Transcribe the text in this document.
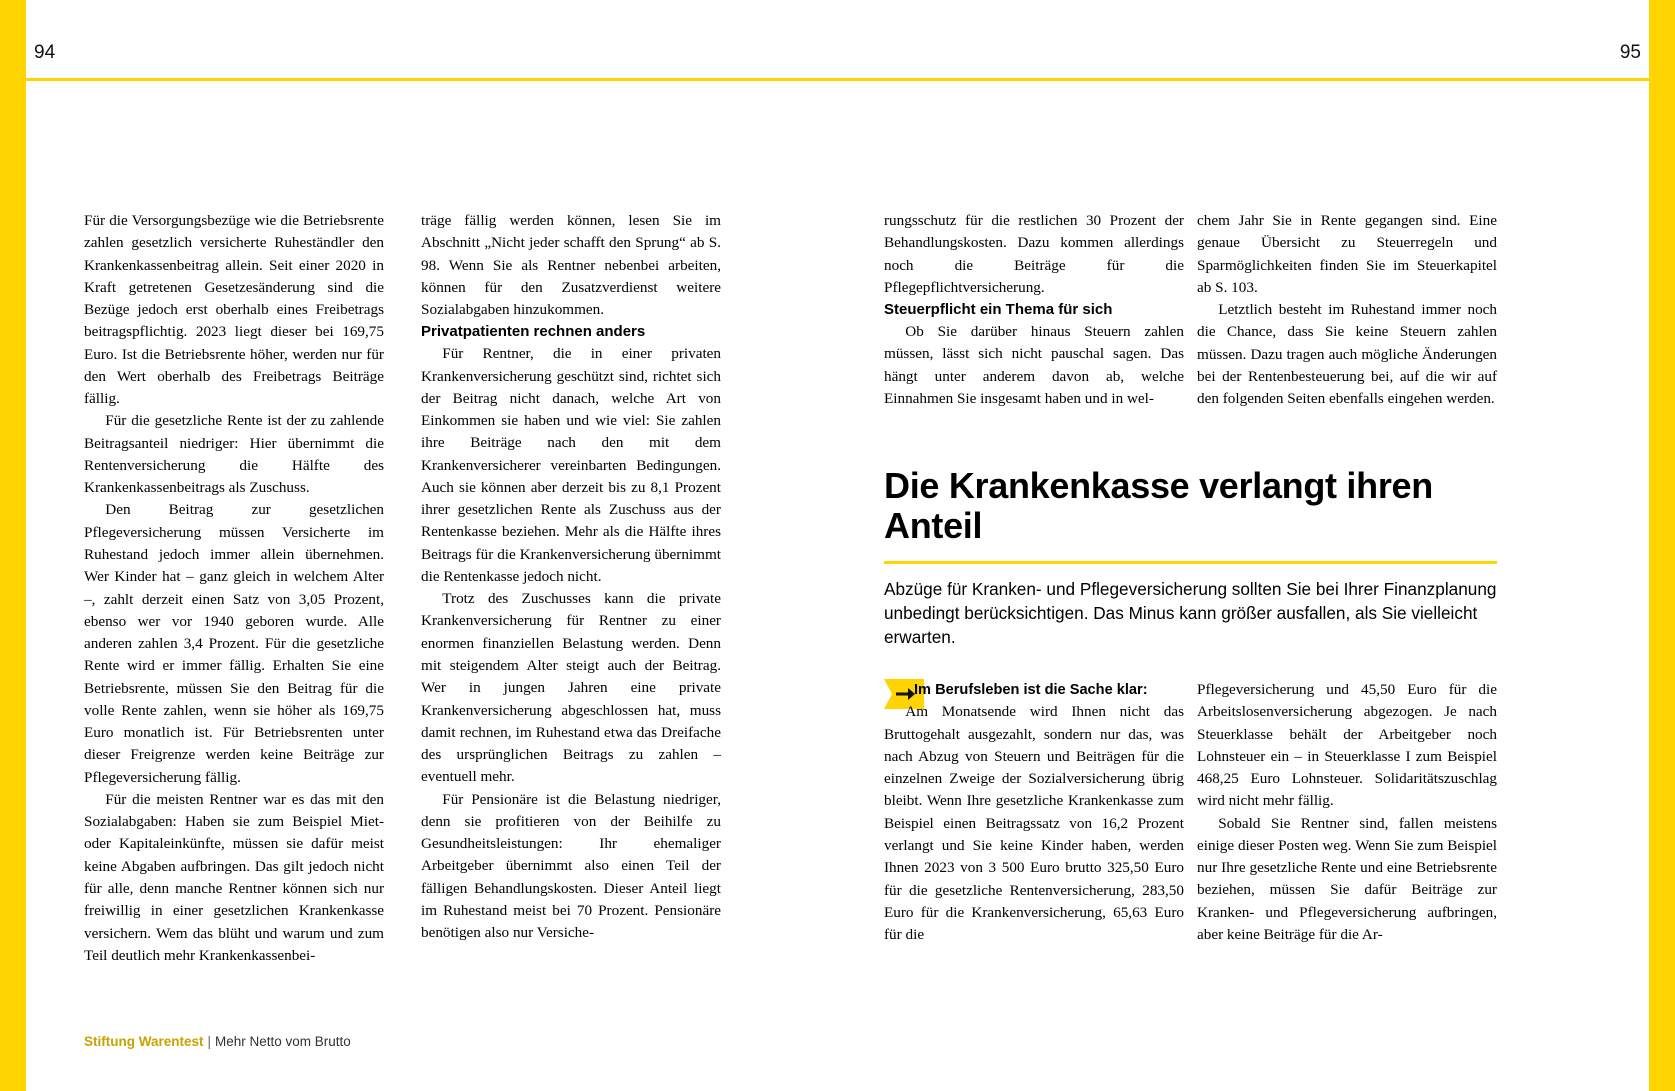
94	95

Für die Versorgungsbezüge wie die Betriebsrente zahlen gesetzlich versicherte Ruheständler den Krankenkassenbeitrag allein. Seit einer 2020 in Kraft getretenen Gesetzesänderung sind die Bezüge jedoch erst oberhalb eines Freibetrags beitragspflichtig. 2023 liegt dieser bei 169,75 Euro. Ist die Betriebsrente höher, werden nur für den Wert oberhalb des Freibetrags Beiträge fällig.

Für die gesetzliche Rente ist der zu zahlende Beitragsanteil niedriger: Hier übernimmt die Rentenversicherung die Hälfte des Krankenkassenbeitrags als Zuschuss.

Den Beitrag zur gesetzlichen Pflegeversicherung müssen Versicherte im Ruhestand jedoch immer allein übernehmen. Wer Kinder hat – ganz gleich in welchem Alter –, zahlt derzeit einen Satz von 3,05 Prozent, ebenso wer vor 1940 geboren wurde. Alle anderen zahlen 3,4 Prozent. Für die gesetzliche Rente wird er immer fällig. Erhalten Sie eine Betriebsrente, müssen Sie den Beitrag für die volle Rente zahlen, wenn sie höher als 169,75 Euro monatlich ist. Für Betriebsrenten unter dieser Freigrenze werden keine Beiträge zur Pflegeversicherung fällig.

Für die meisten Rentner war es das mit den Sozialabgaben: Haben sie zum Beispiel Miet- oder Kapitaleinkünfte, müssen sie dafür meist keine Abgaben aufbringen. Das gilt jedoch nicht für alle, denn manche Rentner können sich nur freiwillig in einer gesetzlichen Krankenkasse versichern. Wem das blüht und warum und zum Teil deutlich mehr Krankenkassenbei-

träge fällig werden können, lesen Sie im Abschnitt „Nicht jeder schafft den Sprung“ ab S. 98. Wenn Sie als Rentner nebenbei arbeiten, können für den Zusatzverdienst weitere Sozialabgaben hinzukommen.

Privatpatienten rechnen anders

Für Rentner, die in einer privaten Krankenversicherung geschützt sind, richtet sich der Beitrag nicht danach, welche Art von Einkommen sie haben und wie viel: Sie zahlen ihre Beiträge nach den mit dem Krankenversicherer vereinbarten Bedingungen. Auch sie können aber derzeit bis zu 8,1 Prozent ihrer gesetzlichen Rente als Zuschuss aus der Rentenkasse beziehen. Mehr als die Hälfte ihres Beitrags für die Krankenversicherung übernimmt die Rentenkasse jedoch nicht.

Trotz des Zuschusses kann die private Krankenversicherung für Rentner zu einer enormen finanziellen Belastung werden. Denn mit steigendem Alter steigt auch der Beitrag. Wer in jungen Jahren eine private Krankenversicherung abgeschlossen hat, muss damit rechnen, im Ruhestand etwa das Dreifache des ursprünglichen Beitrags zu zahlen – eventuell mehr.

Für Pensionäre ist die Belastung niedriger, denn sie profitieren von der Beihilfe zu Gesundheitsleistungen: Ihr ehemaliger Arbeitgeber übernimmt also einen Teil der fälligen Behandlungskosten. Dieser Anteil liegt im Ruhestand meist bei 70 Prozent. Pensionäre benötigen also nur Versiche-

rungsschutz für die restlichen 30 Prozent der Behandlungskosten. Dazu kommen allerdings noch die Beiträge für die Pflegepflichtversicherung.

Steuerpflicht ein Thema für sich

Ob Sie darüber hinaus Steuern zahlen müssen, lässt sich nicht pauschal sagen. Das hängt unter anderem davon ab, welche Einnahmen Sie insgesamt haben und in wel-

chem Jahr Sie in Rente gegangen sind. Eine genaue Übersicht zu Steuerregeln und Sparmöglichkeiten finden Sie im Steuerkapitel ab S. 103.

Letztlich besteht im Ruhestand immer noch die Chance, dass Sie keine Steuern zahlen müssen. Dazu tragen auch mögliche Änderungen bei der Rentenbesteuerung bei, auf die wir auf den folgenden Seiten ebenfalls eingehen werden.

Die Krankenkasse verlangt ihren Anteil

Abzüge für Kranken- und Pflegeversicherung sollten Sie bei Ihrer Finanzplanung unbedingt berücksichtigen. Das Minus kann größer ausfallen, als Sie vielleicht erwarten.

Im Berufsleben ist die Sache klar:

Am Monatsende wird Ihnen nicht das Bruttogehalt ausgezahlt, sondern nur das, was nach Abzug von Steuern und Beiträgen für die einzelnen Zweige der Sozialversicherung übrig bleibt. Wenn Ihre gesetzliche Krankenkasse zum Beispiel einen Beitragssatz von 16,2 Prozent verlangt und Sie keine Kinder haben, werden Ihnen 2023 von 3 500 Euro brutto 325,50 Euro für die gesetzliche Rentenversicherung, 283,50 Euro für die Krankenversicherung, 65,63 Euro für die

Pflegeversicherung und 45,50 Euro für die Arbeitslosenversicherung abgezogen. Je nach Steuerklasse behält der Arbeitgeber noch Lohnsteuer ein – in Steuerklasse I zum Beispiel 468,25 Euro Lohnsteuer. Solidaritätszuschlag wird nicht mehr fällig.

Sobald Sie Rentner sind, fallen meistens einige dieser Posten weg. Wenn Sie zum Beispiel nur Ihre gesetzliche Rente und eine Betriebsrente beziehen, müssen Sie dafür Beiträge zur Kranken- und Pflegeversicherung aufbringen, aber keine Beiträge für die Ar-

Stiftung Warentest | Mehr Netto vom Brutto
